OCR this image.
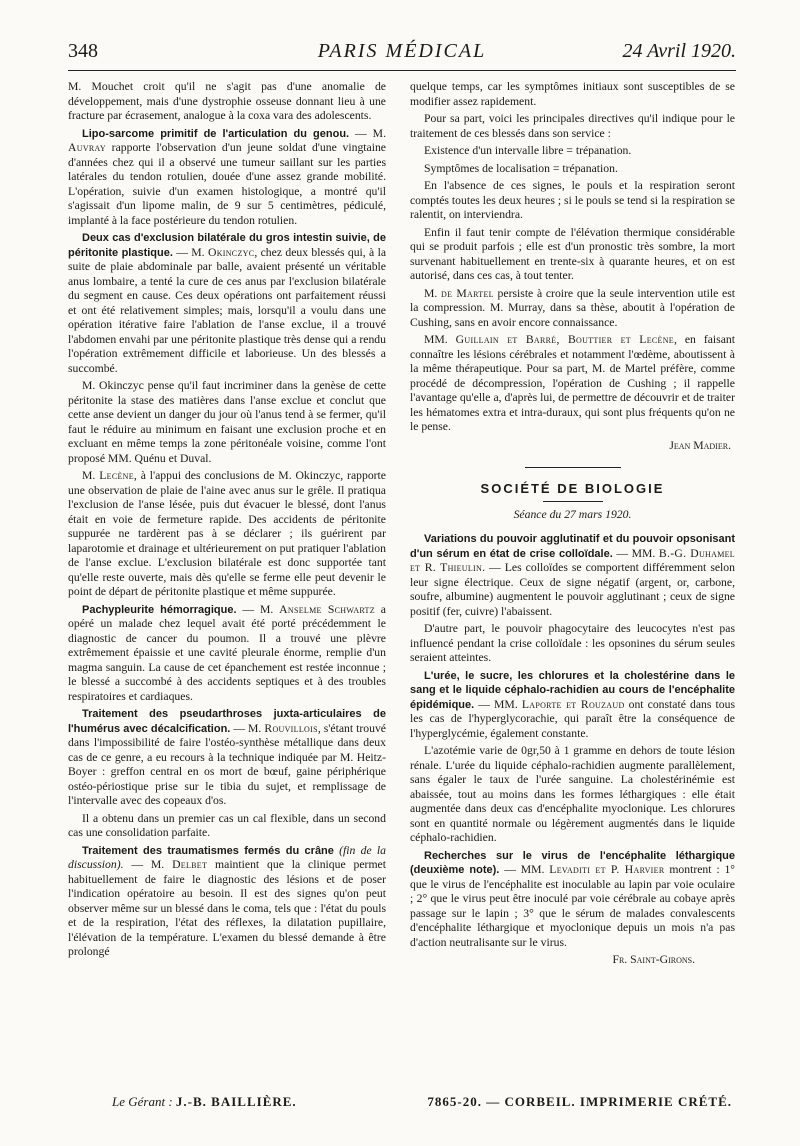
348	PARIS MÉDICAL	24 Avril 1920.

M. Mouchet croit qu'il ne s'agit pas d'une anomalie de développement, mais d'une dystrophie osseuse donnant lieu à une fracture par écrasement, analogue à la coxa vara des adolescents.

Lipo-sarcome primitif de l'articulation du genou. — M. Auvray rapporte l'observation d'un jeune soldat d'une vingtaine d'années chez qui il a observé une tumeur saillant sur les parties latérales du tendon rotulien, douée d'une assez grande mobilité. L'opération, suivie d'un examen histologique, a montré qu'il s'agissait d'un lipome malin, de 9 sur 5 centimètres, pédiculé, implanté à la face postérieure du tendon rotulien.

Deux cas d'exclusion bilatérale du gros intestin suivie, de péritonite plastique. — M. Okinczyc, chez deux blessés qui, à la suite de plaie abdominale par balle, avaient présenté un véritable anus lombaire, a tenté la cure de ces anus par l'exclusion bilatérale du segment en cause. Ces deux opérations ont parfaitement réussi et ont été relativement simples; mais, lorsqu'il a voulu dans une opération itérative faire l'ablation de l'anse exclue, il a trouvé l'abdomen envahi par une péritonite plastique très dense qui a rendu l'opération extrêmement difficile et laborieuse. Un des blessés a succombé.

M. Okinczyc pense qu'il faut incriminer dans la genèse de cette péritonite la stase des matières dans l'anse exclue et conclut que cette anse devient un danger du jour où l'anus tend à se fermer, qu'il faut le réduire au minimum en faisant une exclusion proche et en excluant en même temps la zone péritonéale voisine, comme l'ont proposé MM. Quénu et Duval.

M. Lecène, à l'appui des conclusions de M. Okinczyc, rapporte une observation de plaie de l'aine avec anus sur le grêle. Il pratiqua l'exclusion de l'anse lésée, puis dut évacuer le blessé, dont l'anus était en voie de fermeture rapide. Des accidents de péritonite suppurée ne tardèrent pas à se déclarer ; ils guérirent par laparotomie et drainage et ultérieurement on put pratiquer l'ablation de l'anse exclue. L'exclusion bilatérale est donc supportée tant qu'elle reste ouverte, mais dès qu'elle se ferme elle peut devenir le point de départ de péritonite plastique et même suppurée.

Pachypleurite hémorragique. — M. Anselme Schwartz a opéré un malade chez lequel avait été porté précédemment le diagnostic de cancer du poumon. Il a trouvé une plèvre extrêmement épaissie et une cavité pleurale énorme, remplie d'un magma sanguin. La cause de cet épanchement est restée inconnue ; le blessé a succombé à des accidents septiques et à des troubles respiratoires et cardiaques.

Traitement des pseudarthroses juxta-articulaires de l'humérus avec décalcification. — M. Rouvillois, s'étant trouvé dans l'impossibilité de faire l'ostéo-synthèse métallique dans deux cas de ce genre, a eu recours à la technique indiquée par M. Heitz-Boyer : greffon central en os mort de bœuf, gaine périphérique ostéo-périostique prise sur le tibia du sujet, et remplissage de l'intervalle avec des copeaux d'os.

Il a obtenu dans un premier cas un cal flexible, dans un second cas une consolidation parfaite.

Traitement des traumatismes fermés du crâne (fin de la discussion). — M. Delbet maintient que la clinique permet habituellement de faire le diagnostic des lésions et de poser l'indication opératoire au besoin. Il est des signes qu'on peut observer même sur un blessé dans le coma, tels que : l'état du pouls et de la respiration, l'état des réflexes, la dilatation pupillaire, l'élévation de la température. L'examen du blessé demande à être prolongé

quelque temps, car les symptômes initiaux sont susceptibles de se modifier assez rapidement.

Pour sa part, voici les principales directives qu'il indique pour le traitement de ces blessés dans son service :

Existence d'un intervalle libre = trépanation.

Symptômes de localisation = trépanation.

En l'absence de ces signes, le pouls et la respiration seront comptés toutes les deux heures ; si le pouls se tend si la respiration se ralentit, on interviendra.

Enfin il faut tenir compte de l'élévation thermique considérable qui se produit parfois ; elle est d'un pronostic très sombre, la mort survenant habituellement en trente-six à quarante heures, et on est autorisé, dans ces cas, à tout tenter.

M. de Martel persiste à croire que la seule intervention utile est la compression. M. Murray, dans sa thèse, aboutit à l'opération de Cushing, sans en avoir encore connaissance.

MM. Guillain et Barré, Bouttier et Lecène, en faisant connaître les lésions cérébrales et notamment l'œdème, aboutissent à la même thérapeutique. Pour sa part, M. de Martel préfère, comme procédé de décompression, l'opération de Cushing ; il rappelle l'avantage qu'elle a, d'après lui, de permettre de découvrir et de traiter les hématomes extra et intra-duraux, qui sont plus fréquents qu'on ne le pense.

Jean Madier.
SOCIÉTÉ DE BIOLOGIE
Séance du 27 mars 1920.

Variations du pouvoir agglutinatif et du pouvoir opsonisant d'un sérum en état de crise colloïdale. — MM. B.-G. Duhamel et R. Thieulin. — Les colloïdes se comportent différemment selon leur signe électrique. Ceux de signe négatif (argent, or, carbone, soufre, albumine) augmentent le pouvoir agglutinant ; ceux de signe positif (fer, cuivre) l'abaissent.

D'autre part, le pouvoir phagocytaire des leucocytes n'est pas influencé pendant la crise colloïdale : les opsonines du sérum seules seraient atteintes.

L'urée, le sucre, les chlorures et la cholestérine dans le sang et le liquide céphalo-rachidien au cours de l'encéphalite épidémique. — MM. Laporte et Rouzaud ont constaté dans tous les cas de l'hyperglycorachie, qui paraît être la conséquence de l'hyperglycémie, également constante.

L'azotémie varie de 0gr,50 à 1 gramme en dehors de toute lésion rénale. L'urée du liquide céphalo-rachidien augmente parallèlement, sans égaler le taux de l'urée sanguine. La cholestérinémie est abaissée, tout au moins dans les formes léthargiques : elle était augmentée dans deux cas d'encéphalite myoclonique. Les chlorures sont en quantité normale ou légèrement augmentés dans le liquide céphalo-rachidien.

Recherches sur le virus de l'encéphalite léthargique (deuxième note). — MM. Levaditi et P. Harvier montrent : 1° que le virus de l'encéphalite est inoculable au lapin par voie oculaire ; 2° que le virus peut être inoculé par voie cérébrale au cobaye après passage sur le lapin ; 3° que le sérum de malades convalescents d'encéphalite léthargique et myoclonique depuis un mois n'a pas d'action neutralisante sur le virus.

Fr. Saint-Girons.
Le Gérant : J.-B. BAILLIÈRE.	7865-20. — CORBEIL. IMPRIMERIE CRÉTÉ.
